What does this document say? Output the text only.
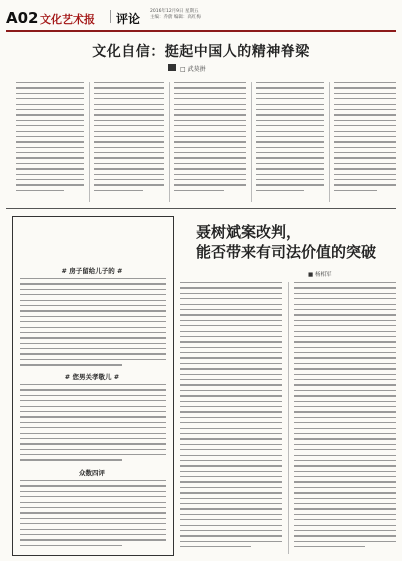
A02 文化艺术报 评论
2016年12月9日 星期五
主编：乔蔚 编辑：高红梅
文化自信：挺起中国人的精神脊梁
□ 武莫拼
# 房子留给儿子的 #
# 您男关孝敬儿 #
众数四评
聂树斌案改判，
能否带来有司法价值的突破
■ 杨相军
